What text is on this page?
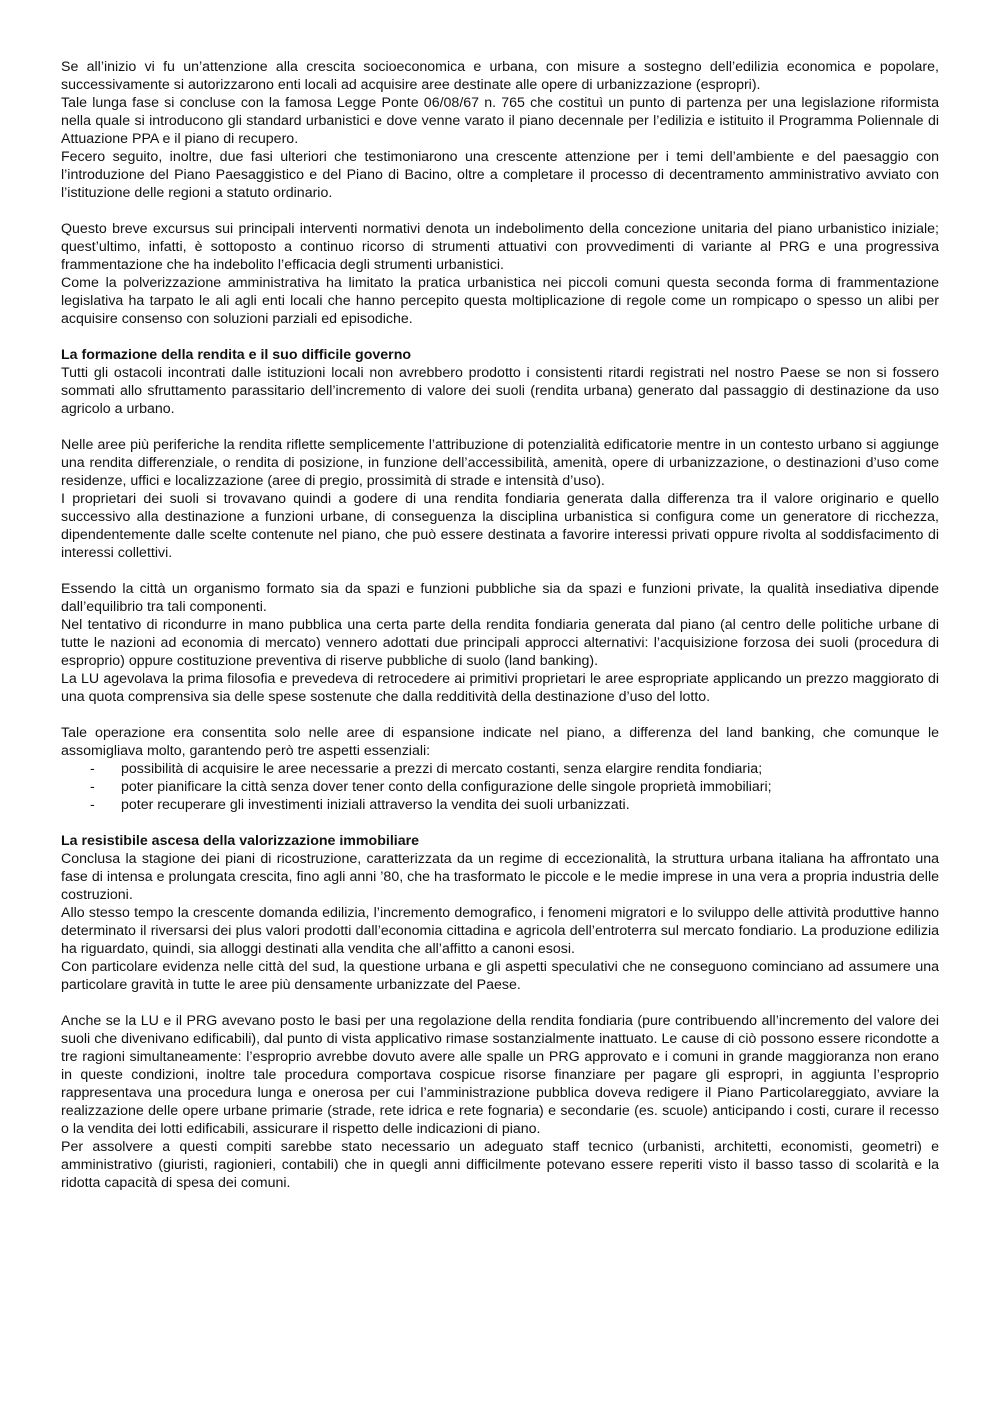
Se all’inizio vi fu un’attenzione alla crescita socioeconomica e urbana, con misure a sostegno dell’edilizia economica e popolare, successivamente si autorizzarono enti locali ad acquisire aree destinate alle opere di urbanizzazione (espropri).

Tale lunga fase si concluse con la famosa Legge Ponte 06/08/67 n. 765 che costituì un punto di partenza per una legislazione riformista nella quale si introducono gli standard urbanistici e dove venne varato il piano decennale per l’edilizia e istituito il Programma Poliennale di Attuazione PPA e il piano di recupero.

Fecero seguito, inoltre, due fasi ulteriori che testimoniarono una crescente attenzione per i temi dell’ambiente e del paesaggio con l’introduzione del Piano Paesaggistico e del Piano di Bacino, oltre a completare il processo di decentramento amministrativo avviato con l’istituzione delle regioni a statuto ordinario.

Questo breve excursus sui principali interventi normativi denota un indebolimento della concezione unitaria del piano urbanistico iniziale; quest’ultimo, infatti, è sottoposto a continuo ricorso di strumenti attuativi con provvedimenti di variante al PRG e una progressiva frammentazione che ha indebolito l’efficacia degli strumenti urbanistici.

Come la polverizzazione amministrativa ha limitato la pratica urbanistica nei piccoli comuni questa seconda forma di frammentazione legislativa ha tarpato le ali agli enti locali che hanno percepito questa moltiplicazione di regole come un rompicapo o spesso un alibi per acquisire consenso con soluzioni parziali ed episodiche.

La formazione della rendita e il suo difficile governo

Tutti gli ostacoli incontrati dalle istituzioni locali non avrebbero prodotto i consistenti ritardi registrati nel nostro Paese se non si fossero sommati allo sfruttamento parassitario dell’incremento di valore dei suoli (rendita urbana) generato dal passaggio di destinazione da uso agricolo a urbano.

Nelle aree più periferiche la rendita riflette semplicemente l’attribuzione di potenzialità edificatorie mentre in un contesto urbano si aggiunge una rendita differenziale, o rendita di posizione, in funzione dell’accessibilità, amenità, opere di urbanizzazione, o destinazioni d’uso come residenze, uffici e localizzazione (aree di pregio, prossimità di strade e intensità d’uso).

I proprietari dei suoli si trovavano quindi a godere di una rendita fondiaria generata dalla differenza tra il valore originario e quello successivo alla destinazione a funzioni urbane, di conseguenza la disciplina urbanistica si configura come un generatore di ricchezza, dipendentemente dalle scelte contenute nel piano, che può essere destinata a favorire interessi privati oppure rivolta al soddisfacimento di interessi collettivi.

Essendo la città un organismo formato sia da spazi e funzioni pubbliche sia da spazi e funzioni private, la qualità insediativa dipende dall’equilibrio tra tali componenti.

Nel tentativo di ricondurre in mano pubblica una certa parte della rendita fondiaria generata dal piano (al centro delle politiche urbane di tutte le nazioni ad economia di mercato) vennero adottati due principali approcci alternativi: l’acquisizione forzosa dei suoli (procedura di esproprio) oppure costituzione preventiva di riserve pubbliche di suolo (land banking).

La LU agevolava la prima filosofia e prevedeva di retrocedere ai primitivi proprietari le aree espropriate applicando un prezzo maggiorato di una quota comprensiva sia delle spese sostenute che dalla redditività della destinazione d’uso del lotto.

Tale operazione era consentita solo nelle aree di espansione indicate nel piano, a differenza del land banking, che comunque le assomigliava molto, garantendo però tre aspetti essenziali:

- possibilità di acquisire le aree necessarie a prezzi di mercato costanti, senza elargire rendita fondiaria;
- poter pianificare la città senza dover tener conto della configurazione delle singole proprietà immobiliari;
- poter recuperare gli investimenti iniziali attraverso la vendita dei suoli urbanizzati.

La resistibile ascesa della valorizzazione immobiliare

Conclusa la stagione dei piani di ricostruzione, caratterizzata da un regime di eccezionalità, la struttura urbana italiana ha affrontato una fase di intensa e prolungata crescita, fino agli anni ’80, che ha trasformato le piccole e le medie imprese in una vera a propria industria delle costruzioni.

Allo stesso tempo la crescente domanda edilizia, l’incremento demografico, i fenomeni migratori e lo sviluppo delle attività produttive hanno determinato il riversarsi dei plus valori prodotti dall’economia cittadina e agricola dell’entroterra sul mercato fondiario. La produzione edilizia ha riguardato, quindi, sia alloggi destinati alla vendita che all’affitto a canoni esosi.

Con particolare evidenza nelle città del sud, la questione urbana e gli aspetti speculativi che ne conseguono cominciano ad assumere una particolare gravità in tutte le aree più densamente urbanizzate del Paese.

Anche se la LU e il PRG avevano posto le basi per una regolazione della rendita fondiaria (pure contribuendo all’incremento del valore dei suoli che divenivano edificabili), dal punto di vista applicativo rimase sostanzialmente inattuato. Le cause di ciò possono essere ricondotte a tre ragioni simultaneamente: l’esproprio avrebbe dovuto avere alle spalle un PRG approvato e i comuni in grande maggioranza non erano in queste condizioni, inoltre tale procedura comportava cospicue risorse finanziare per pagare gli espropri, in aggiunta l’esproprio rappresentava una procedura lunga e onerosa per cui l’amministrazione pubblica doveva redigere il Piano Particolareggiato, avviare la realizzazione delle opere urbane primarie (strade, rete idrica e rete fognaria) e secondarie (es. scuole) anticipando i costi, curare il recesso o la vendita dei lotti edificabili, assicurare il rispetto delle indicazioni di piano.

Per assolvere a questi compiti sarebbe stato necessario un adeguato staff tecnico (urbanisti, architetti, economisti, geometri) e amministrativo (giuristi, ragionieri, contabili) che in quegli anni difficilmente potevano essere reperiti visto il basso tasso di scolarità e la ridotta capacità di spesa dei comuni.
